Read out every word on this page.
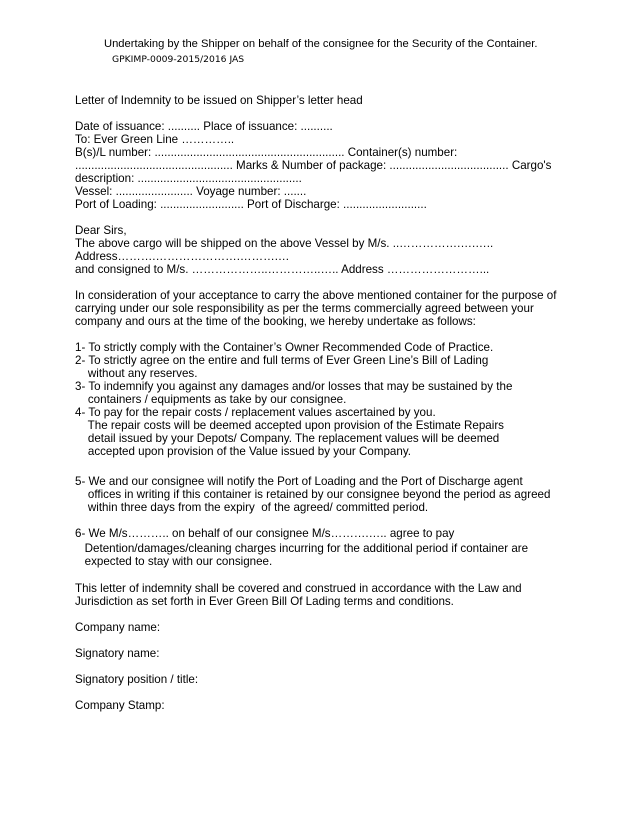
Undertaking by the Shipper on behalf of the consignee for the Security of the Container.
GPKIMP-0009-2015/2016 JAS
Letter of Indemnity to be issued on Shipper’s letter head
Date of issuance: .......... Place of issuance: ..........
To: Ever Green Line …………..
B(s)/L number: ........................................................... Container(s) number:
................................................. Marks & Number of package: ..................................... Cargo's
description: ...................................................
Vessel: ........................ Voyage number: .......
Port of Loading: .......................... Port of Discharge: ..........................
Dear Sirs,
The above cargo will be shipped on the above Vessel by M/s. ..…………….….…..
Address……….………………….……….…
and consigned to M/s. ………………..…………..….. Address ……………………...
In consideration of your acceptance to carry the above mentioned container for the purpose of
carrying under our sole responsibility as per the terms commercially agreed between your
company and ours at the time of the booking, we hereby undertake as follows:
1- To strictly comply with the Container’s Owner Recommended Code of Practice.
2- To strictly agree on the entire and full terms of Ever Green Line’s Bill of Lading
without any reserves.
3- To indemnify you against any damages and/or losses that may be sustained by the
containers / equipments as take by our consignee.
4- To pay for the repair costs / replacement values ascertained by you.
The repair costs will be deemed accepted upon provision of the Estimate Repairs
detail issued by your Depots/ Company. The replacement values will be deemed
accepted upon provision of the Value issued by your Company.
5- We and our consignee will notify the Port of Loading and the Port of Discharge agent
offices in writing if this container is retained by our consignee beyond the period as agreed
within three days from the expiry  of the agreed/ committed period.
6- We M/s……….. on behalf of our consignee M/s……….….. agree to pay
Detention/damages/cleaning charges incurring for the additional period if container are
expected to stay with our consignee.
This letter of indemnity shall be covered and construed in accordance with the Law and
Jurisdiction as set forth in Ever Green Bill Of Lading terms and conditions.
Company name:
Signatory name:
Signatory position / title:
Company Stamp:
